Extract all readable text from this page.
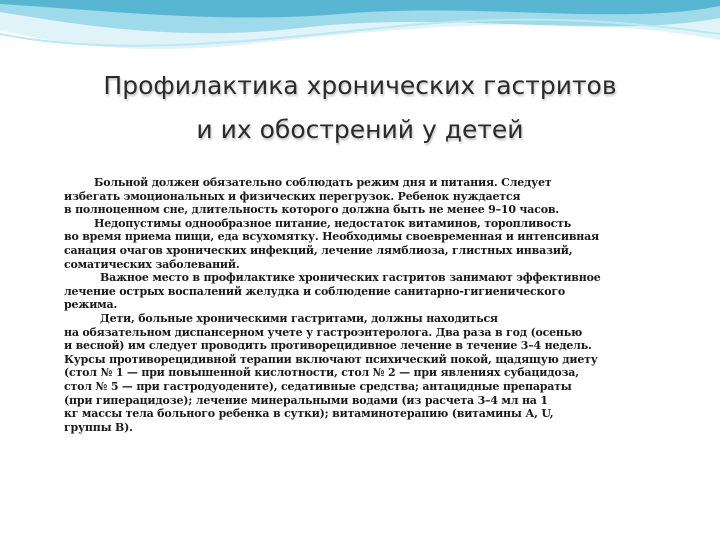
Профилактика хронических гастритов
и их обострений у детей
Больной должен обязательно соблюдать режим дня и питания. Следует
избегать эмоциональных и физических перегрузок. Ребенок нуждается
в полноценном сне, длительность которого должна быть не менее 9–10 часов.
Недопустимы однообразное питание, недостаток витаминов, торопливость
во время приема пищи, еда всухомятку. Необходимы своевременная и интенсивная
санация очагов хронических инфекций, лечение лямблиоза, глистных инвазий,
соматических заболеваний.
Важное место в профилактике хронических гастритов занимают эффективное
лечение острых воспалений желудка и соблюдение санитарно-гигиенического
режима.
Дети, больные хроническими гастритами, должны находиться
на обязательном диспансерном учете у гастроэнтеролога. Два раза в год (осенью
и весной) им следует проводить противорецидивное лечение в течение 3–4 недель.
Курсы противорецидивной терапии включают психический покой, щадящую диету
(стол № 1 — при повышенной кислотности, стол № 2 — при явлениях субацидоза,
стол № 5 — при гастродуодените), седативные средства; антацидные препараты
(при гиперацидозе); лечение минеральными водами (из расчета 3–4 мл на 1
кг массы тела больного ребенка в сутки); витаминотерапию (витамины А, U,
группы В).
